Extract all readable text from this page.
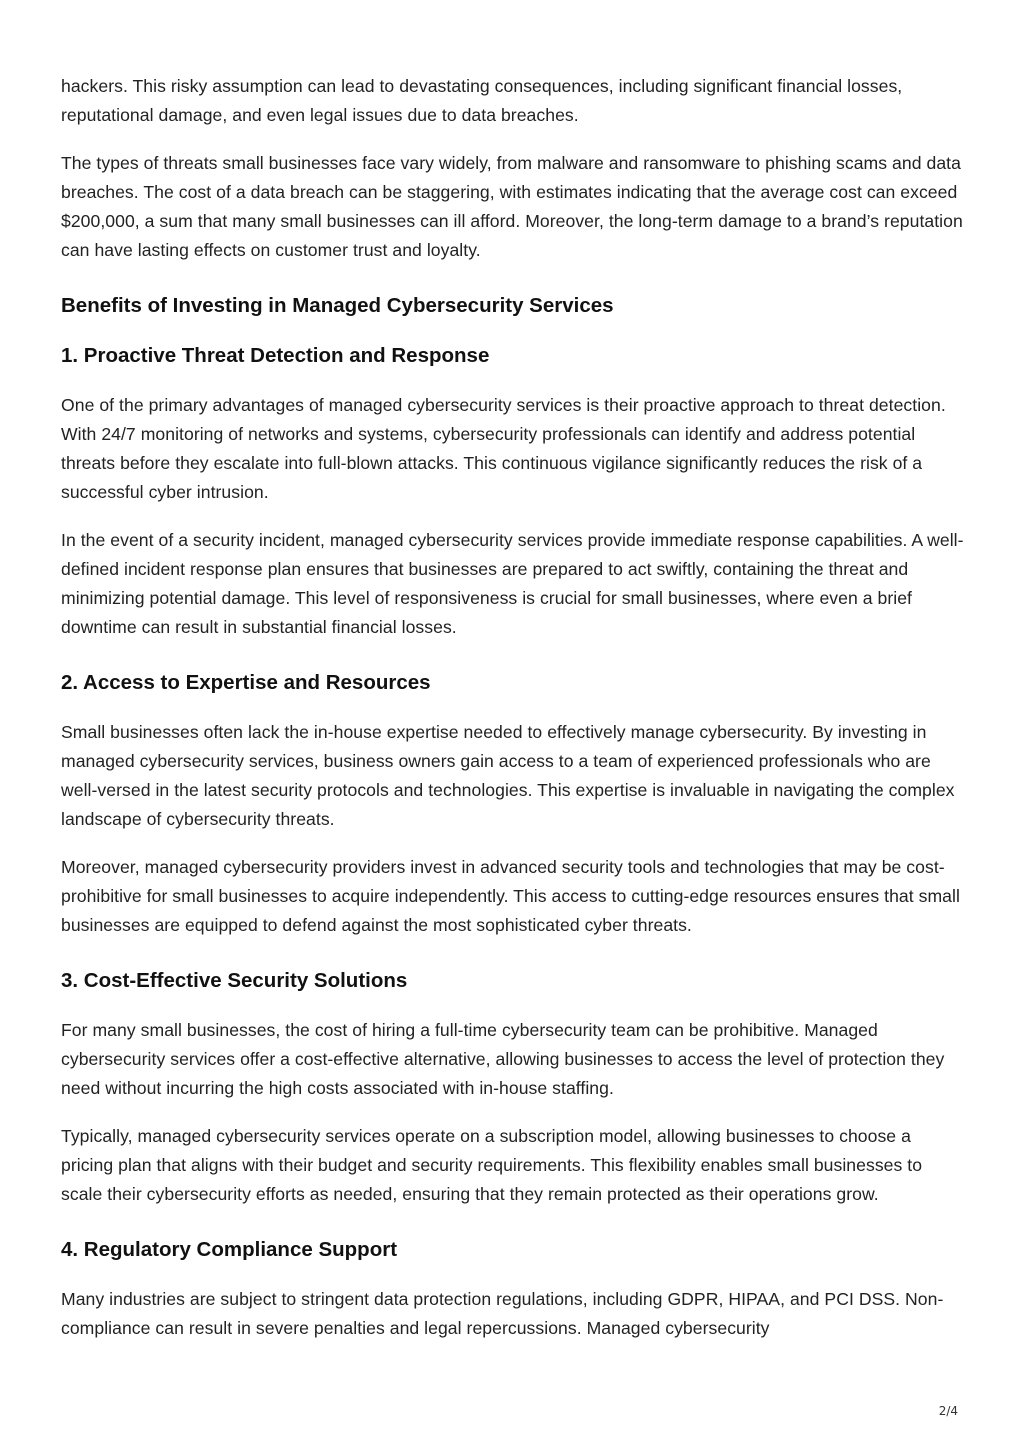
hackers. This risky assumption can lead to devastating consequences, including significant financial losses, reputational damage, and even legal issues due to data breaches.

The types of threats small businesses face vary widely, from malware and ransomware to phishing scams and data breaches. The cost of a data breach can be staggering, with estimates indicating that the average cost can exceed $200,000, a sum that many small businesses can ill afford. Moreover, the long-term damage to a brand’s reputation can have lasting effects on customer trust and loyalty.

Benefits of Investing in Managed Cybersecurity Services
1. Proactive Threat Detection and Response

One of the primary advantages of managed cybersecurity services is their proactive approach to threat detection. With 24/7 monitoring of networks and systems, cybersecurity professionals can identify and address potential threats before they escalate into full-blown attacks. This continuous vigilance significantly reduces the risk of a successful cyber intrusion.

In the event of a security incident, managed cybersecurity services provide immediate response capabilities. A well-defined incident response plan ensures that businesses are prepared to act swiftly, containing the threat and minimizing potential damage. This level of responsiveness is crucial for small businesses, where even a brief downtime can result in substantial financial losses.

2. Access to Expertise and Resources

Small businesses often lack the in-house expertise needed to effectively manage cybersecurity. By investing in managed cybersecurity services, business owners gain access to a team of experienced professionals who are well-versed in the latest security protocols and technologies. This expertise is invaluable in navigating the complex landscape of cybersecurity threats.

Moreover, managed cybersecurity providers invest in advanced security tools and technologies that may be cost-prohibitive for small businesses to acquire independently. This access to cutting-edge resources ensures that small businesses are equipped to defend against the most sophisticated cyber threats.

3. Cost-Effective Security Solutions

For many small businesses, the cost of hiring a full-time cybersecurity team can be prohibitive. Managed cybersecurity services offer a cost-effective alternative, allowing businesses to access the level of protection they need without incurring the high costs associated with in-house staffing.

Typically, managed cybersecurity services operate on a subscription model, allowing businesses to choose a pricing plan that aligns with their budget and security requirements. This flexibility enables small businesses to scale their cybersecurity efforts as needed, ensuring that they remain protected as their operations grow.

4. Regulatory Compliance Support

Many industries are subject to stringent data protection regulations, including GDPR, HIPAA, and PCI DSS. Non-compliance can result in severe penalties and legal repercussions. Managed cybersecurity

2/4
